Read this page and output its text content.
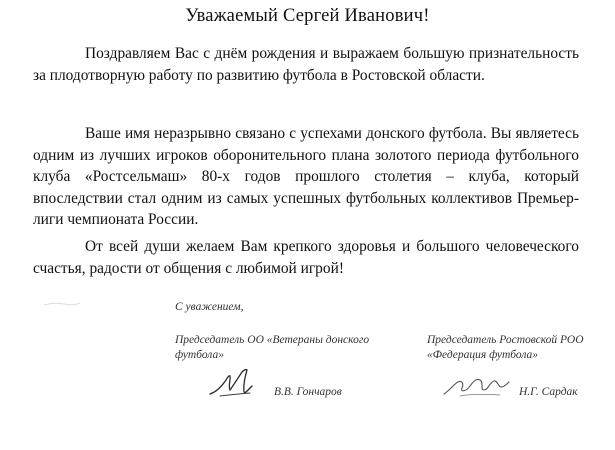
Уважаемый Сергей Иванович!

Поздравляем Вас с днём рождения и выражаем большую признательность за плодотворную работу по развитию футбола в Ростовской области.

Ваше имя неразрывно связано с успехами донского футбола. Вы являетесь одним из лучших игроков оборонительного плана золотого периода футбольного клуба «Ростсельмаш» 80-х годов прошлого столетия – клуба, который впоследствии стал одним из самых успешных футбольных коллективов Премьер-лиги чемпионата России.

От всей души желаем Вам крепкого здоровья и большого человеческого счастья, радости от общения с любимой игрой!

С уважением,
Председатель ОО «Ветераны донского футбола»
Председатель Ростовской РОО «Федерация футбола»
В.В. Гончаров	Н.Г. Сардак
